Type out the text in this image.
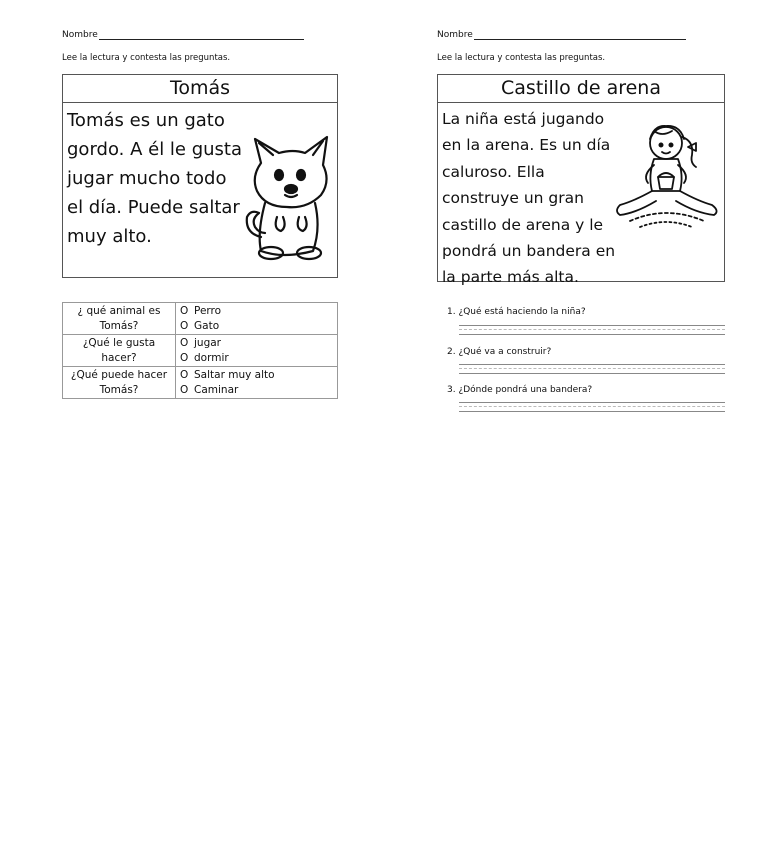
Nombre
Lee la lectura y contesta las preguntas.
Tomás
Tomás es un gato
gordo. A él le gusta
jugar mucho todo
el día. Puede saltar
muy alto.
¿ qué animal es
Tomás?	O Perro
O Gato

¿Qué le gusta
hacer?	O jugar
O dormir

¿Qué puede hacer
Tomás?	O Saltar muy alto
O Caminar
Nombre
Lee la lectura y contesta las preguntas.
Castillo de arena
La niña está jugando
en la arena. Es un día
caluroso. Ella
construye un gran
castillo de arena y le
pondrá un bandera en
la parte más alta.
1. ¿Qué está haciendo la niña?
2. ¿Qué va a construir?
3. ¿Dónde pondrá una bandera?
